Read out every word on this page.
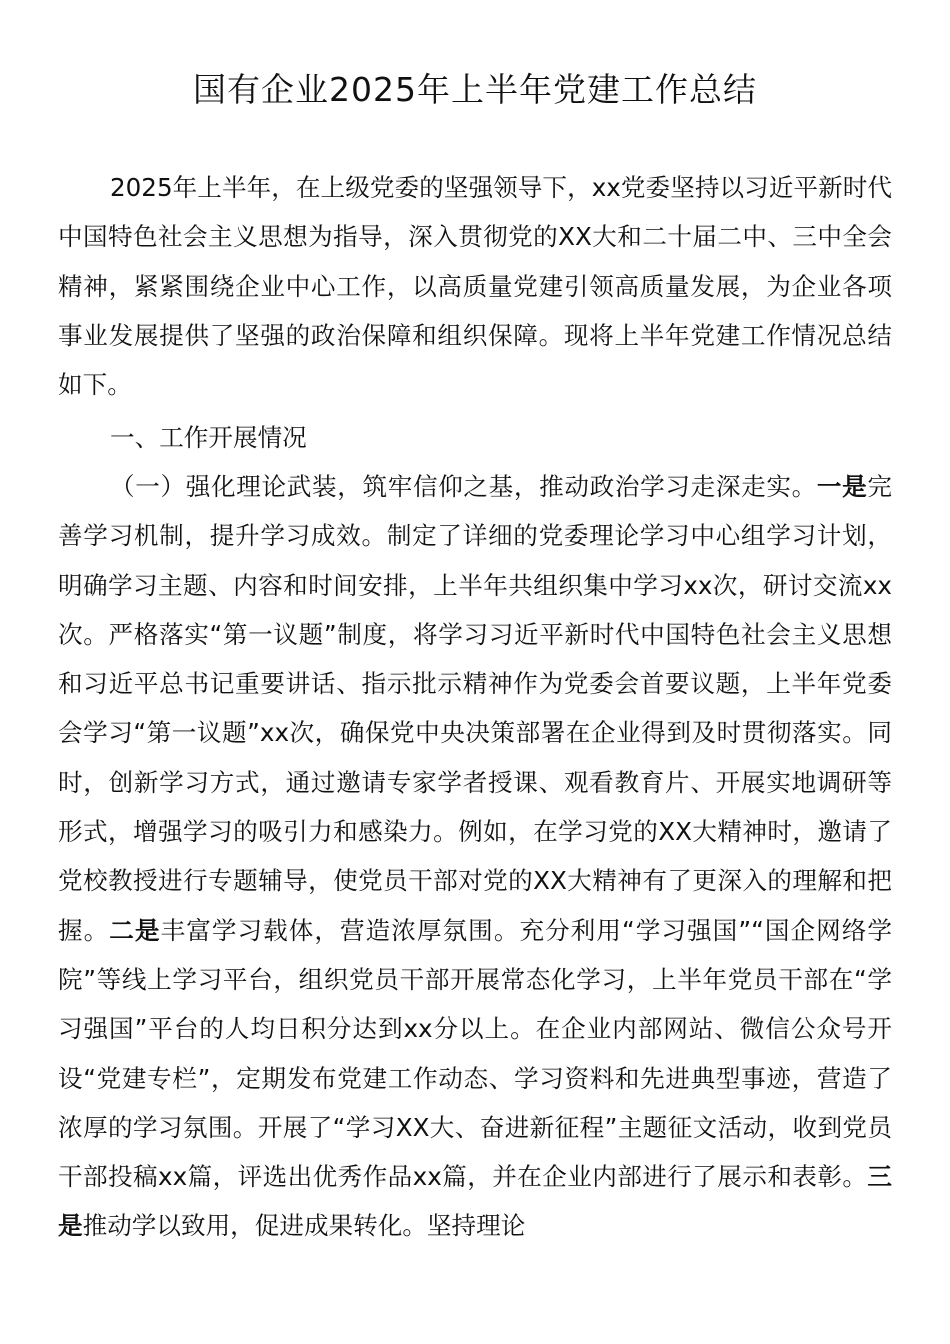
国有企业2025年上半年党建工作总结

2025年上半年，在上级党委的坚强领导下，xx党委坚持以习近平新时代中国特色社会主义思想为指导，深入贯彻党的XX大和二十届二中、三中全会精神，紧紧围绕企业中心工作，以高质量党建引领高质量发展，为企业各项事业发展提供了坚强的政治保障和组织保障。现将上半年党建工作情况总结如下。

一、工作开展情况

（一）强化理论武装，筑牢信仰之基，推动政治学习走深走实。一是完善学习机制，提升学习成效。制定了详细的党委理论学习中心组学习计划，明确学习主题、内容和时间安排，上半年共组织集中学习xx次，研讨交流xx次。严格落实“第一议题”制度，将学习习近平新时代中国特色社会主义思想和习近平总书记重要讲话、指示批示精神作为党委会首要议题，上半年党委会学习“第一议题”xx次，确保党中央决策部署在企业得到及时贯彻落实。同时，创新学习方式，通过邀请专家学者授课、观看教育片、开展实地调研等形式，增强学习的吸引力和感染力。例如，在学习党的XX大精神时，邀请了党校教授进行专题辅导，使党员干部对党的XX大精神有了更深入的理解和把握。二是丰富学习载体，营造浓厚氛围。充分利用“学习强国”“国企网络学院”等线上学习平台，组织党员干部开展常态化学习，上半年党员干部在“学习强国”平台的人均日积分达到xx分以上。在企业内部网站、微信公众号开设“党建专栏”，定期发布党建工作动态、学习资料和先进典型事迹，营造了浓厚的学习氛围。开展了“学习XX大、奋进新征程”主题征文活动，收到党员干部投稿xx篇，评选出优秀作品xx篇，并在企业内部进行了展示和表彰。三是推动学以致用，促进成果转化。坚持理论
